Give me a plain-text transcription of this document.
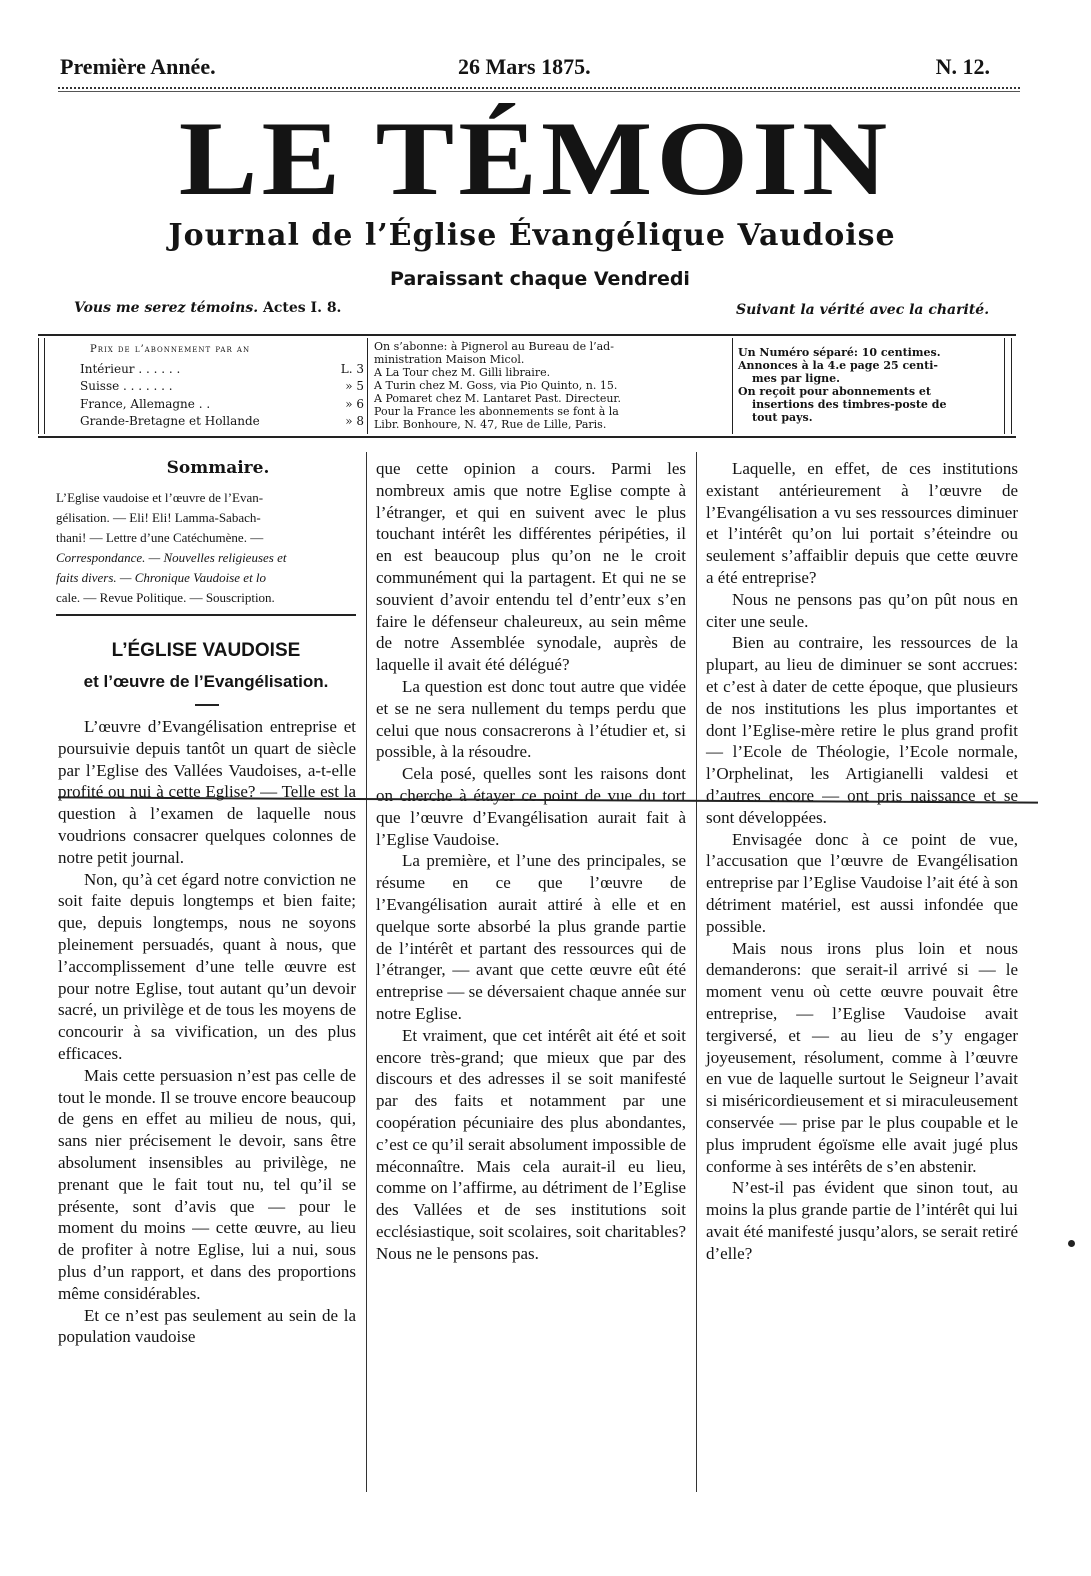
Première Année.	26 Mars 1875.	N. 12.
LE TÉMOIN
Journal de l’Église Évangélique Vaudoise
Paraissant chaque Vendredi
Vous me serez témoins. Actes I. 8.	Suivant la vérité avec la charité.
Prix de l’abonnement par an
Intérieur . . . . . .	L. 3
Suisse . . . . . . .	» 5
France, Allemagne . .	» 6
Grande-Bretagne et Hollande	» 8
On s’abonne: à Pignerol au Bureau de l’ad-
ministration Maison Micol.
A La Tour chez M. Gilli libraire.
A Turin chez M. Goss, via Pio Quinto, n. 15.
A Pomaret chez M. Lantaret Past. Directeur.
Pour la France les abonnements se font à la
Libr. Bonhoure, N. 47, Rue de Lille, Paris.
Un Numéro séparé: 10 centimes.
Annonces à la 4.e page 25 centi-
mes par ligne.
On reçoit pour abonnements et
insertions des timbres-poste de
tout pays.
Sommaire.
L’Eglise vaudoise et l’œuvre de l’Evan-
gélisation. — Eli! Eli! Lamma-Sabach-
thani! — Lettre d’une Catéchumène. —
Correspondance. — Nouvelles religieuses et
faits divers. — Chronique Vaudoise et lo
cale. — Revue Politique. — Souscription.
L’ÉGLISE VAUDOISE
et l’œuvre de l’Evangélisation.

L’œuvre d’Evangélisation entreprise et poursuivie depuis tantôt un quart de siècle par l’Eglise des Vallées Vaudoises, a-t-elle profité ou nui à cette Eglise? — Telle est la question à l’examen de laquelle nous voudrions consacrer quelques colonnes de notre petit journal.

Non, qu’à cet égard notre conviction ne soit faite depuis longtemps et bien faite; que, depuis longtemps, nous ne soyons pleinement persuadés, quant à nous, que l’accomplissement d’une telle œuvre est pour notre Eglise, tout autant qu’un devoir sacré, un privilège et de tous les moyens de concourir à sa vivification, un des plus efficaces.

Mais cette persuasion n’est pas celle de tout le monde. Il se trouve encore beaucoup de gens en effet au milieu de nous, qui, sans nier précisement le devoir, sans être absolument insensibles au privilège, ne prenant que le fait tout nu, tel qu’il se présente, sont d’avis que — pour le moment du moins — cette œuvre, au lieu de profiter à notre Eglise, lui a nui, sous plus d’un rapport, et dans des proportions même considérables.

Et ce n’est pas seulement au sein de la population vaudoise

que cette opinion a cours. Parmi les nombreux amis que notre Eglise compte à l’étranger, et qui en suivent avec le plus touchant intérêt les différentes péripéties, il en est beaucoup plus qu’on ne le croit communément qui la partagent. Et qui ne se souvient d’avoir entendu tel d’entr’eux s’en faire le défenseur chaleureux, au sein même de notre Assemblée synodale, auprès de laquelle il avait été délégué?

La question est donc tout autre que vidée et se ne sera nullement du temps perdu que celui que nous consacrerons à l’étudier et, si possible, à la résoudre.

Cela posé, quelles sont les raisons dont on cherche à étayer ce point de vue du tort que l’œuvre d’Evangélisation aurait fait à l’Eglise Vaudoise.

La première, et l’une des principales, se résume en ce que l’œuvre de l’Evangélisation aurait attiré à elle et en quelque sorte absorbé la plus grande partie de l’intérêt et partant des ressources qui de l’étranger, — avant que cette œuvre eût été entreprise — se déversaient chaque année sur notre Eglise.

Et vraiment, que cet intérêt ait été et soit encore très-grand; que mieux que par des discours et des adresses il se soit manifesté par des faits et notamment par une coopération pécuniaire des plus abondantes, c’est ce qu’il serait absolument impossible de méconnaître. Mais cela aurait-il eu lieu, comme on l’affirme, au détriment de l’Eglise des Vallées et de ses institutions soit ecclésiastique, soit scolaires, soit charitables? Nous ne le pensons pas.

Laquelle, en effet, de ces institutions existant antérieurement à l’œuvre de l’Evangélisation a vu ses ressources diminuer et l’intérêt qu’on lui portait s’éteindre ou seulement s’affaiblir depuis que cette œuvre a été entreprise?

Nous ne pensons pas qu’on pût nous en citer une seule.

Bien au contraire, les ressources de la plupart, au lieu de diminuer se sont accrues: et c’est à dater de cette époque, que plusieurs de nos institutions les plus importantes et dont l’Eglise-mère retire le plus grand profit — l’Ecole de Théologie, l’Ecole normale, l’Orphelinat, les Artigianelli valdesi et d’autres encore — ont pris naissance et se sont développées.

Envisagée donc à ce point de vue, l’accusation que l’œuvre de Evangélisation entreprise par l’Eglise Vaudoise l’ait été à son détriment matériel, est aussi infondée que possible.

Mais nous irons plus loin et nous demanderons: que serait-il arrivé si — le moment venu où cette œuvre pouvait être entreprise, — l’Eglise Vaudoise avait tergiversé, et — au lieu de s’y engager joyeusement, résolument, comme à l’œuvre en vue de laquelle surtout le Seigneur l’avait si miséricordieusement et si miraculeusement conservée — prise par le plus coupable et le plus imprudent égoïsme elle avait jugé plus conforme à ses intérêts de s’en abstenir.

N’est-il pas évident que sinon tout, au moins la plus grande partie de l’intérêt qui lui avait été manifesté jusqu’alors, se serait retiré d’elle?
